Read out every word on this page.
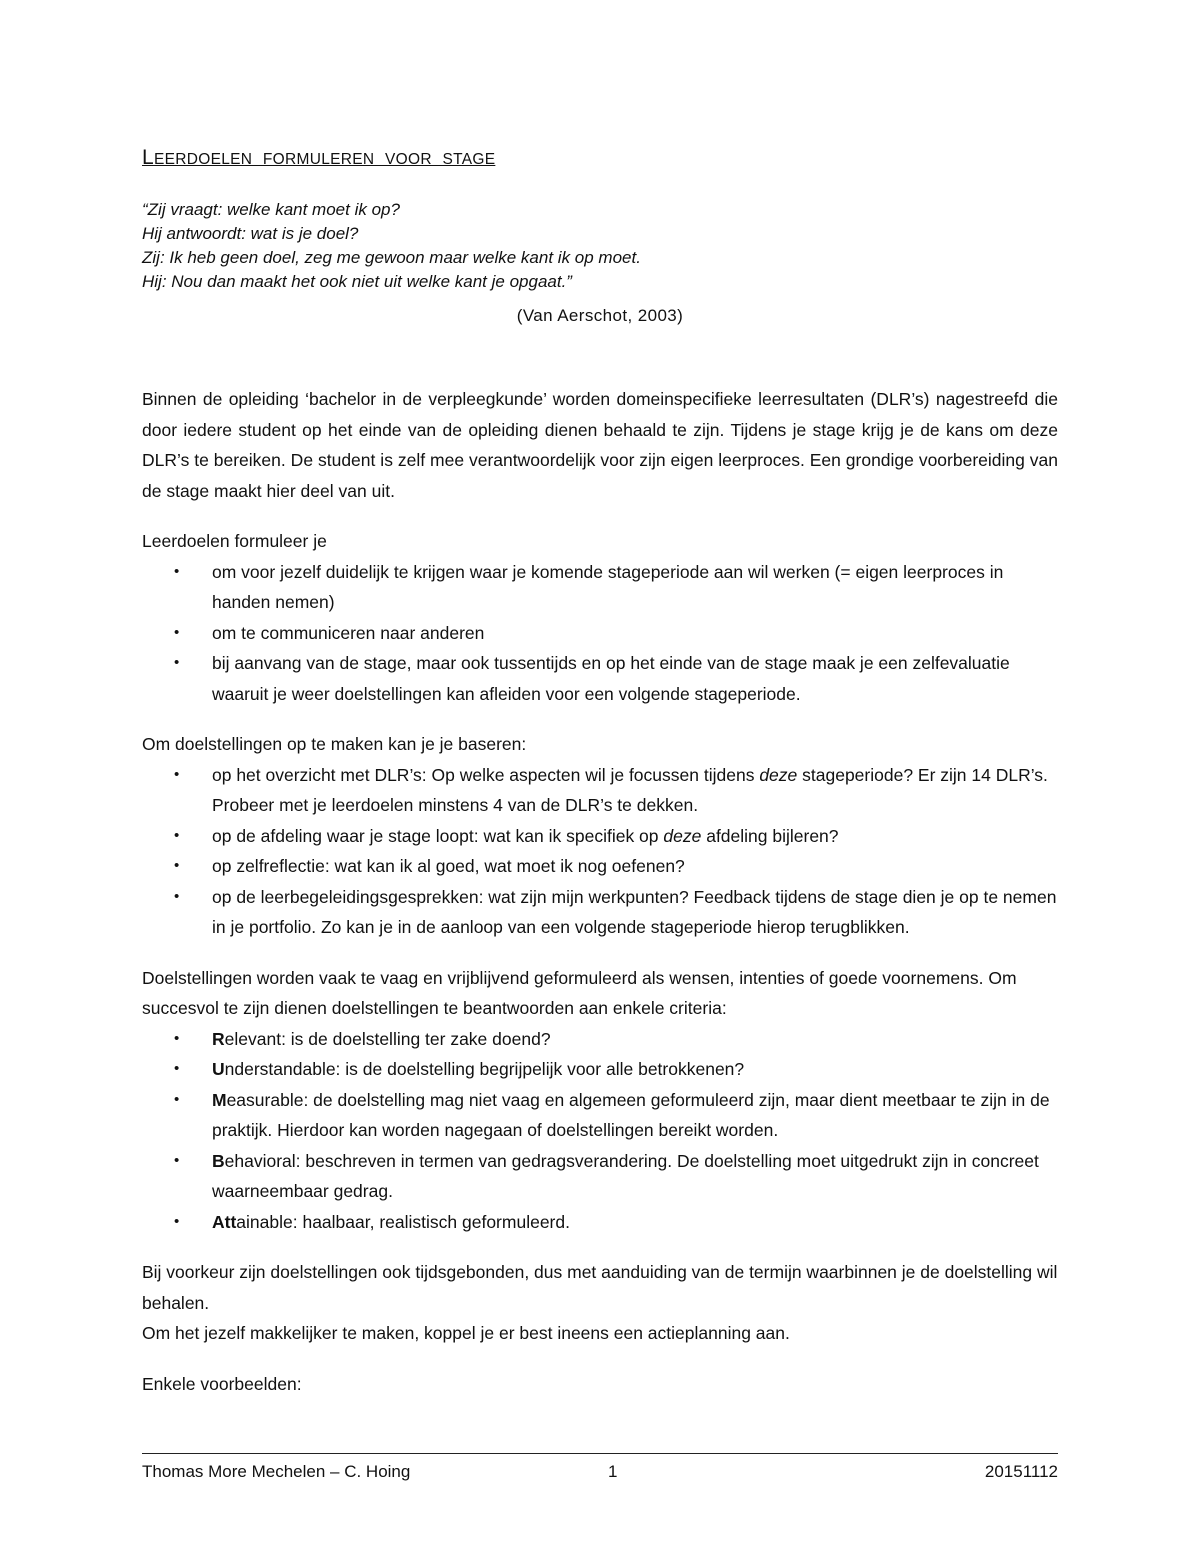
LEERDOELEN FORMULEREN VOOR STAGE

“Zij vraagt: welke kant moet ik op?

Hij antwoordt: wat is je doel?

Zij: Ik heb geen doel, zeg me gewoon maar welke kant ik op moet.

Hij: Nou dan maakt het ook niet uit welke kant je opgaat.”

(Van Aerschot, 2003)

Binnen de opleiding ‘bachelor in de verpleegkunde’ worden domeinspecifieke leerresultaten (DLR’s) nagestreefd die door iedere student op het einde van de opleiding dienen behaald te zijn. Tijdens je stage krijg je de kans om deze DLR’s te bereiken. De student is zelf mee verantwoordelijk voor zijn eigen leerproces. Een grondige voorbereiding van de stage maakt hier deel van uit.

Leerdoelen formuleer je

• om voor jezelf duidelijk te krijgen waar je komende stageperiode aan wil werken (= eigen leerproces in handen nemen)
• om te communiceren naar anderen
• bij aanvang van de stage, maar ook tussentijds en op het einde van de stage maak je een zelfevaluatie waaruit je weer doelstellingen kan afleiden voor een volgende stageperiode.

Om doelstellingen op te maken kan je je baseren:

• op het overzicht met DLR’s: Op welke aspecten wil je focussen tijdens deze stageperiode? Er zijn 14 DLR’s. Probeer met je leerdoelen minstens 4 van de DLR’s te dekken.
• op de afdeling waar je stage loopt: wat kan ik specifiek op deze afdeling bijleren?
• op zelfreflectie: wat kan ik al goed, wat moet ik nog oefenen?
• op de leerbegeleidingsgesprekken: wat zijn mijn werkpunten? Feedback tijdens de stage dien je op te nemen in je portfolio. Zo kan je in de aanloop van een volgende stageperiode hierop terugblikken.

Doelstellingen worden vaak te vaag en vrijblijvend geformuleerd als wensen, intenties of goede voornemens. Om succesvol te zijn dienen doelstellingen te beantwoorden aan enkele criteria:

• Relevant: is de doelstelling ter zake doend?
• Understandable: is de doelstelling begrijpelijk voor alle betrokkenen?
• Measurable: de doelstelling mag niet vaag en algemeen geformuleerd zijn, maar dient meetbaar te zijn in de praktijk. Hierdoor kan worden nagegaan of doelstellingen bereikt worden.
• Behavioral: beschreven in termen van gedragsverandering. De doelstelling moet uitgedrukt zijn in concreet waarneembaar gedrag.
• Attainable: haalbaar, realistisch geformuleerd.

Bij voorkeur zijn doelstellingen ook tijdsgebonden, dus met aanduiding van de termijn waarbinnen je de doelstelling wil behalen.

Om het jezelf makkelijker te maken, koppel je er best ineens een actieplanning aan.

Enkele voorbeelden:

Thomas More Mechelen – C. Hoing	1	20151112
